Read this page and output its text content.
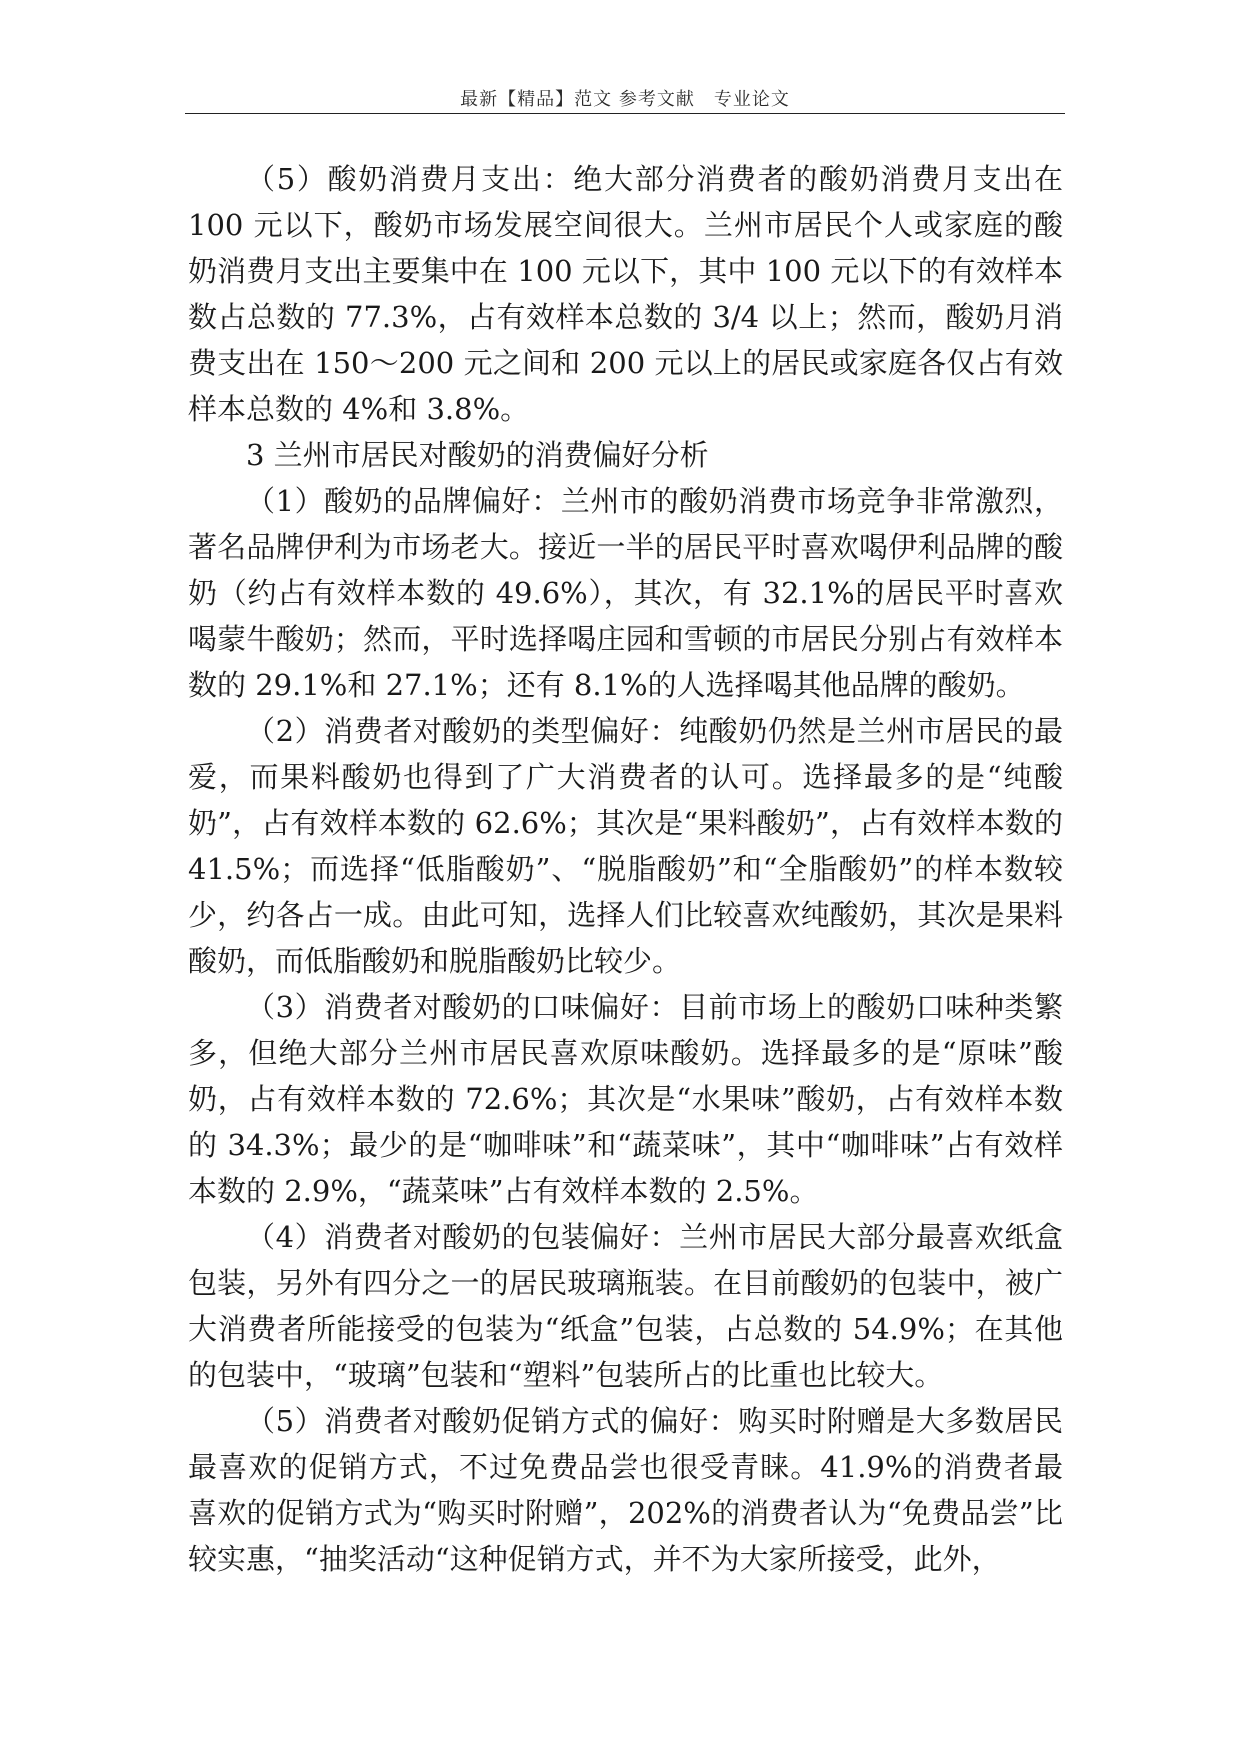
最新【精品】范文 参考文献　专业论文

（5）酸奶消费月支出：绝大部分消费者的酸奶消费月支出在 100 元以下，酸奶市场发展空间很大。兰州市居民个人或家庭的酸奶消费月支出主要集中在 100 元以下，其中 100 元以下的有效样本数占总数的 77.3%，占有效样本总数的 3/4 以上；然而，酸奶月消费支出在 150～200 元之间和 200 元以上的居民或家庭各仅占有效样本总数的 4%和 3.8%。

3 兰州市居民对酸奶的消费偏好分析

（1）酸奶的品牌偏好：兰州市的酸奶消费市场竞争非常激烈，著名品牌伊利为市场老大。接近一半的居民平时喜欢喝伊利品牌的酸奶（约占有效样本数的 49.6%），其次，有 32.1%的居民平时喜欢喝蒙牛酸奶；然而，平时选择喝庄园和雪顿的市居民分别占有效样本数的 29.1%和 27.1%；还有 8.1%的人选择喝其他品牌的酸奶。

（2）消费者对酸奶的类型偏好：纯酸奶仍然是兰州市居民的最爱，而果料酸奶也得到了广大消费者的认可。选择最多的是“纯酸奶”，占有效样本数的 62.6%；其次是“果料酸奶”，占有效样本数的 41.5%；而选择“低脂酸奶”、“脱脂酸奶”和“全脂酸奶”的样本数较少，约各占一成。由此可知，选择人们比较喜欢纯酸奶，其次是果料酸奶，而低脂酸奶和脱脂酸奶比较少。

（3）消费者对酸奶的口味偏好：目前市场上的酸奶口味种类繁多，但绝大部分兰州市居民喜欢原味酸奶。选择最多的是“原味”酸奶，占有效样本数的 72.6%；其次是“水果味”酸奶，占有效样本数的 34.3%；最少的是“咖啡味”和“蔬菜味”，其中“咖啡味”占有效样本数的 2.9%，“蔬菜味”占有效样本数的 2.5%。

（4）消费者对酸奶的包装偏好：兰州市居民大部分最喜欢纸盒包装，另外有四分之一的居民玻璃瓶装。在目前酸奶的包装中，被广大消费者所能接受的包装为“纸盒”包装，占总数的 54.9%；在其他的包装中，“玻璃”包装和“塑料”包装所占的比重也比较大。

（5）消费者对酸奶促销方式的偏好：购买时附赠是大多数居民最喜欢的促销方式，不过免费品尝也很受青睐。41.9%的消费者最喜欢的促销方式为“购买时附赠”，202%的消费者认为“免费品尝”比较实惠，“抽奖活动“这种促销方式，并不为大家所接受，此外，
